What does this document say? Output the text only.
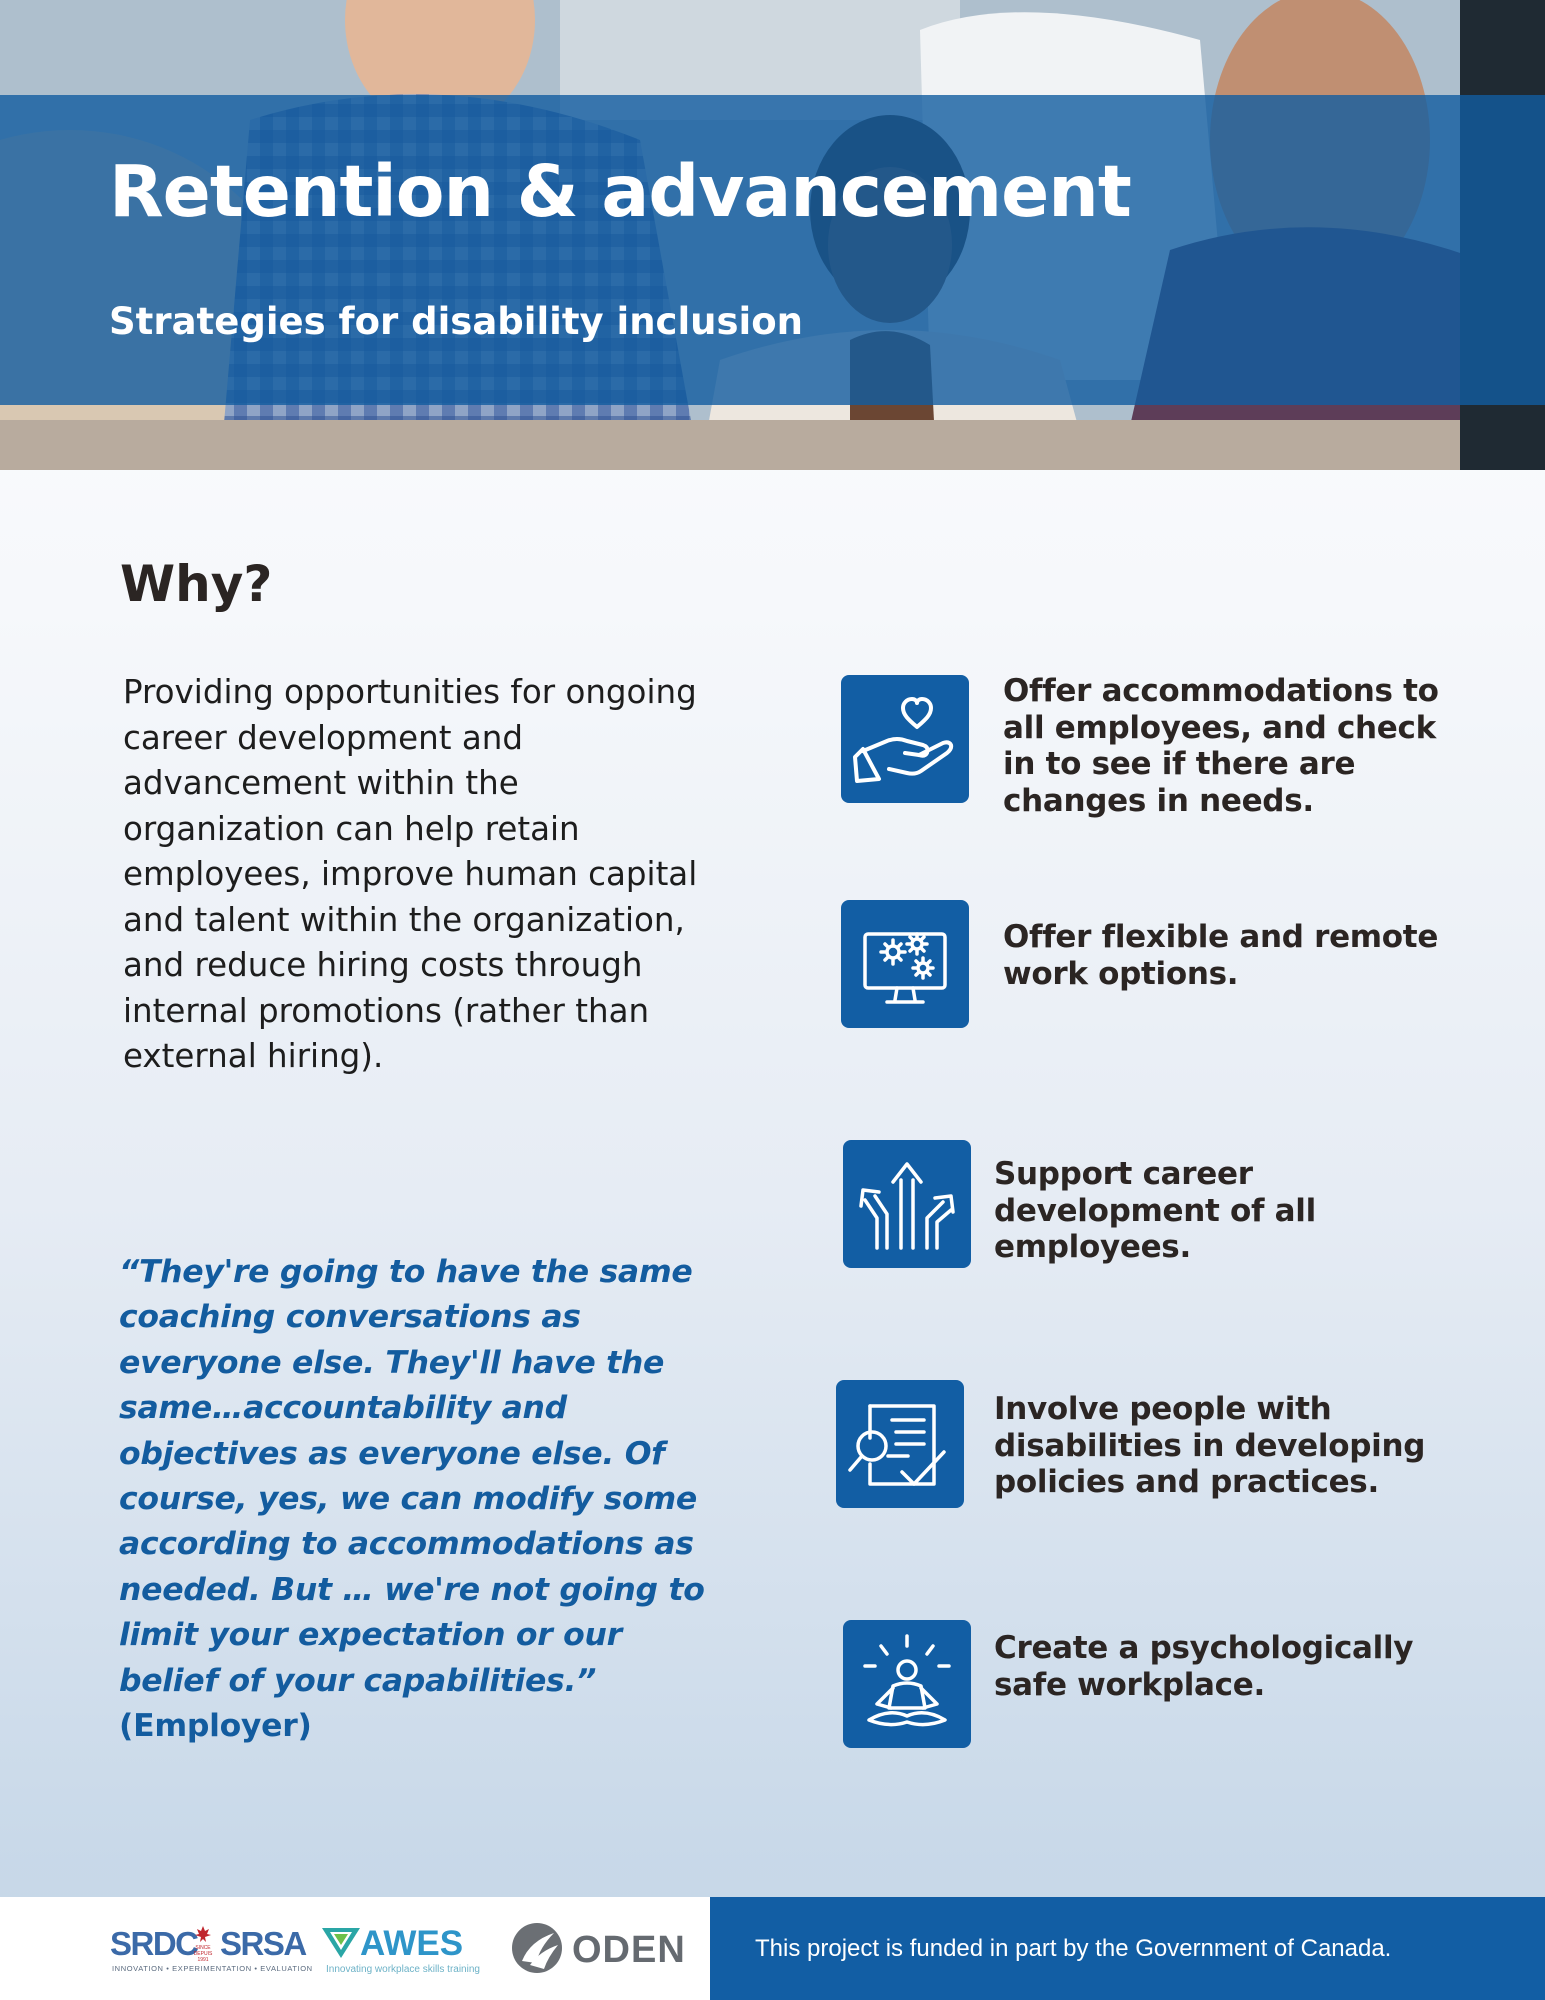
Retention & advancement
Strategies for disability inclusion
Why?

Providing opportunities for ongoing career development and advancement within the organization can help retain employees, improve human capital and talent within the organization, and reduce hiring costs through internal promotions (rather than external hiring).

“They're going to have the same coaching conversations as everyone else. They'll have the same…accountability and objectives as everyone else. Of course, yes, we can modify some according to accommodations as needed. But … we're not going to limit your expectation or our belief of your capabilities.”
(Employer)

Offer accommodations to all employees, and check in to see if there are changes in needs.

Offer flexible and remote work options.

Support career development of all employees.

Involve people with disabilities in developing policies and practices.

Create a psychologically safe workplace.

SRDC
SINCE DEPUIS 1991 SRSA
INNOVATION • EXPERIMENTATION • EVALUATION
AWES
Innovating workplace skills training ODEN	This project is funded in part by the Government of Canada.
